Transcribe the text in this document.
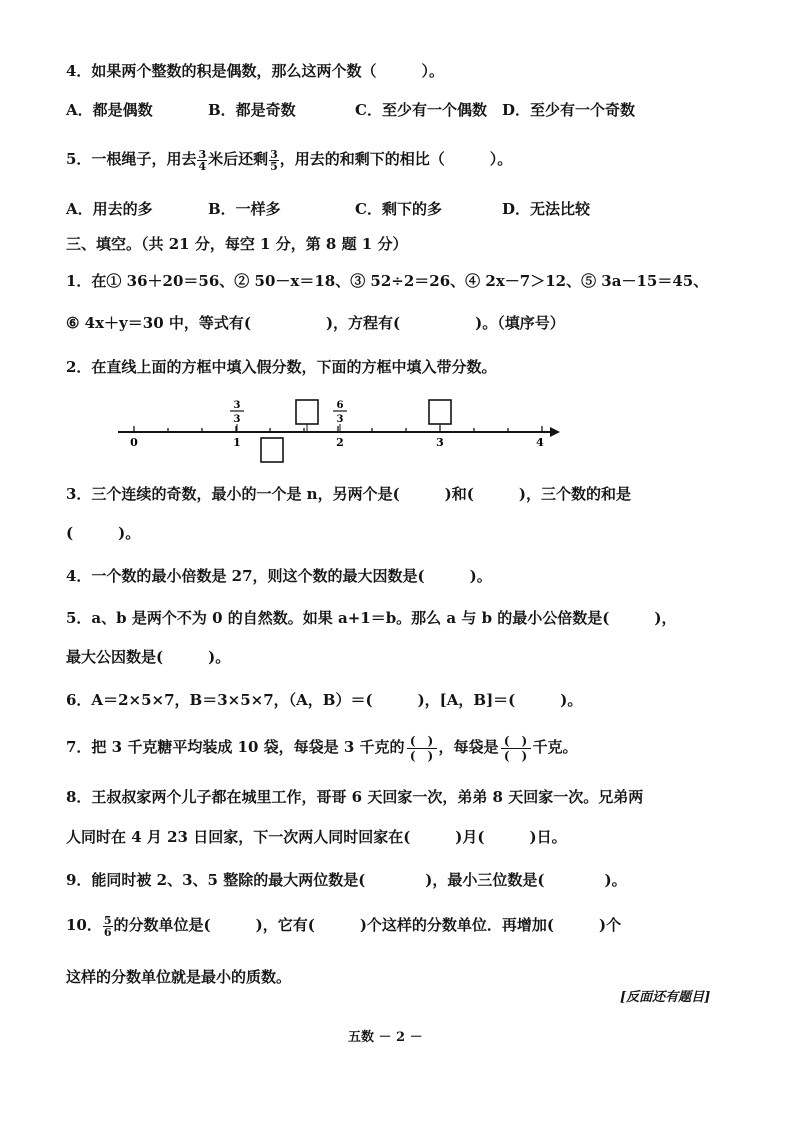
4．如果两个整数的积是偶数，那么这两个数（　　　）。
A．都是偶数	B．都是奇数	C．至少有一个偶数 D．至少有一个奇数
5．一根绳子，用去 $\frac{3}{4}$ 米后还剩 $\frac{3}{5}$ ，用去的和剩下的相比（　　　）。
A．用去的多	B．一样多	C．剩下的多	D．无法比较
三、填空。（共 21 分，每空 1 分，第 8 题 1 分）
1．在① 36＋20＝56、② 50－x＝18、③ 52÷2＝26、④ 2x－7＞12、⑤ 3a－15＝45、
⑥ 4x＋y＝30 中，等式有(　　　　　)，方程有(　　　　　)。（填序号）
2．在直线上面的方框中填入假分数，下面的方框中填入带分数。
0	1	2	3	4
3
3
6
3
3．三个连续的奇数，最小的一个是 n，另两个是(　　　)和(　　　)，三个数的和是
(　　　)。
4．一个数的最小倍数是 27，则这个数的最大因数是(　　　)。
5．a、b 是两个不为 0 的自然数。如果 a+1＝b。那么 a 与 b 的最小公倍数是(　　　)，
最大公因数是(　　　)。
6．A＝2×5×7，B＝3×5×7，（A，B）＝(　　　)，[A，B]＝(　　　)。
7．把 3 千克糖平均装成 10 袋，每袋是 3 千克的 (　)
(　) ，每袋是 (　)
(　) 千克。
8．王叔叔家两个儿子都在城里工作，哥哥 6 天回家一次，弟弟 8 天回家一次。兄弟两
人同时在 4 月 23 日回家，下一次两人同时回家在(　　　)月(　　　)日。
9．能同时被 2、3、5 整除的最大两位数是(　　　　)，最小三位数是(　　　　)。
10． $\frac{5}{6}$ 的分数单位是(　　　)，它有(　　　)个这样的分数单位．再增加(　　　)个
这样的分数单位就是最小的质数。
[反面还有题目]
五数 － 2 －
